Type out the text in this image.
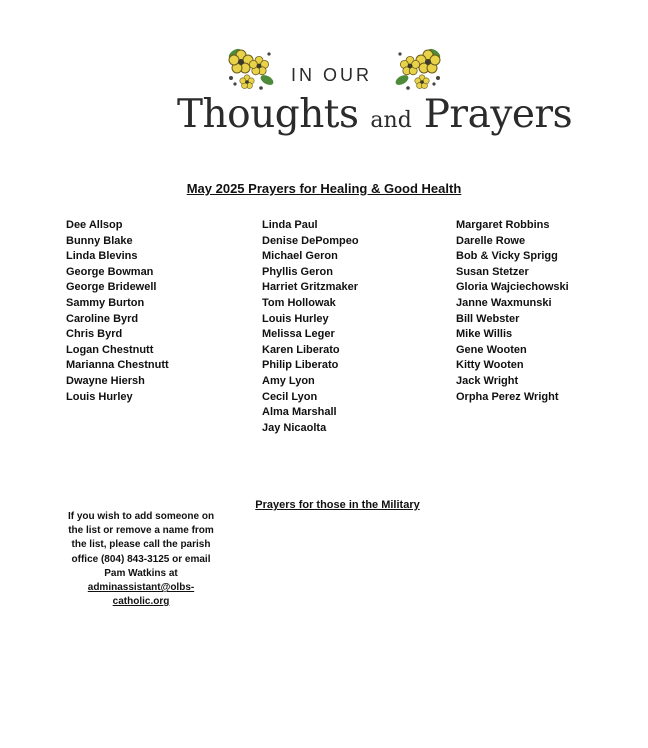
IN OUR
Thoughts and Prayers
May 2025 Prayers for Healing & Good Health
Dee Allsop
Bunny Blake
Linda Blevins
George Bowman
George Bridewell
Sammy Burton
Caroline Byrd
Chris Byrd
Logan Chestnutt
Marianna Chestnutt
Dwayne Hiersh
Louis Hurley
Linda Paul
Denise DePompeo
Michael Geron
Phyllis Geron
Harriet Gritzmaker
Tom Hollowak
Louis Hurley
Melissa Leger
Karen Liberato
Philip Liberato
Amy Lyon
Cecil Lyon
Alma Marshall
Jay Nicaolta
Margaret Robbins
Darelle Rowe
Bob & Vicky Sprigg
Susan Stetzer
Gloria Wajciechowski
Janne Waxmunski
Bill Webster
Mike Willis
Gene Wooten
Kitty Wooten
Jack Wright
Orpha Perez Wright
Prayers for those in the Military
If you wish to add someone on the list or remove a name from the list, please call the parish office (804) 843-3125 or email Pam Watkins at
adminassistant@olbs-catholic.org
